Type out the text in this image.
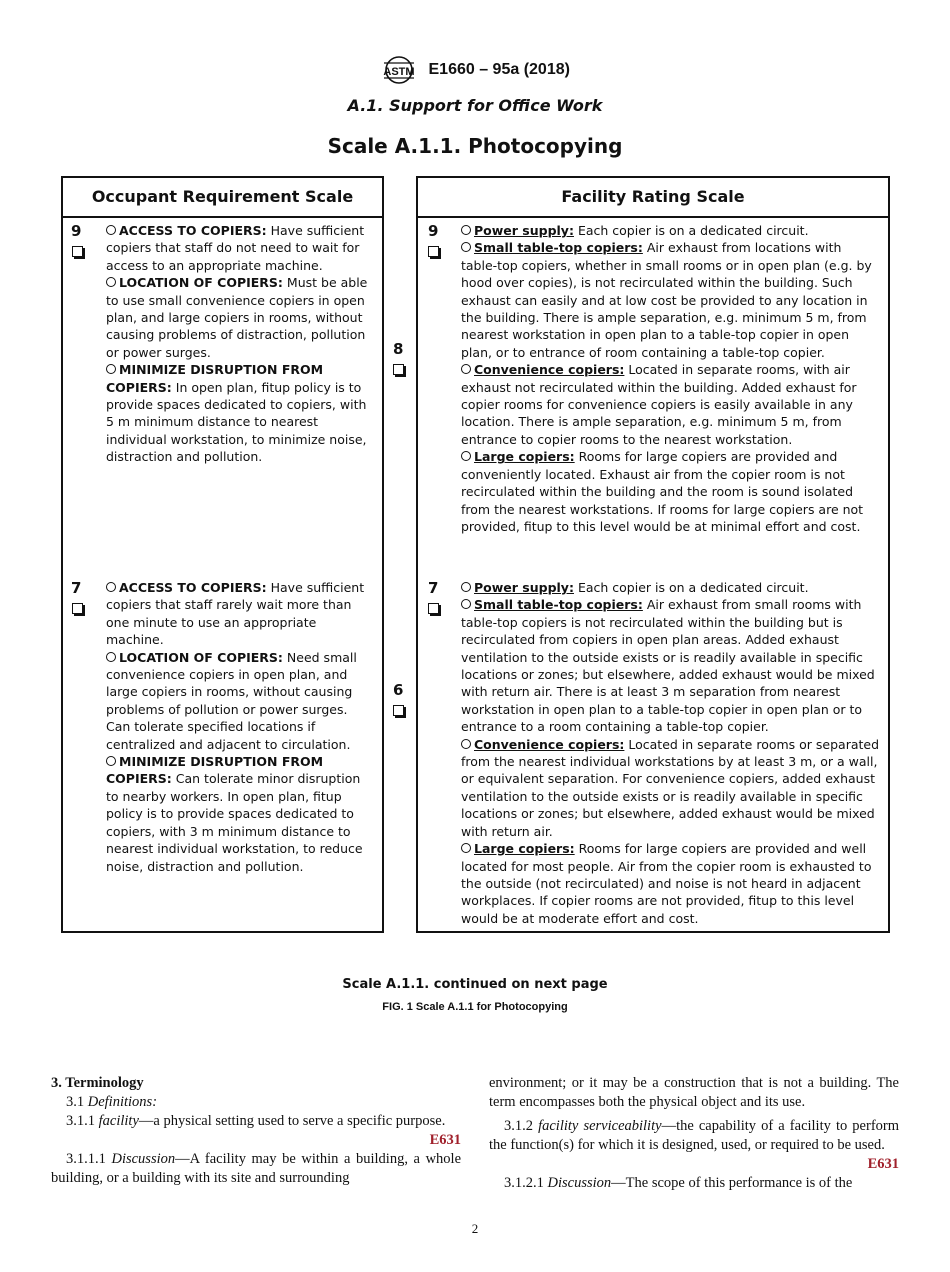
ASTM E1660 – 95a (2018)
A.1. Support for Office Work
Scale A.1.1. Photocopying
Occupant Requirement Scale
9	ACCESS TO COPIERS: Have sufficient copiers that staff do not need to wait for access to an appropriate machine.

LOCATION OF COPIERS: Must be able to use small convenience copiers in open plan, and large copiers in rooms, without causing problems of distraction, pollution or power surges.

MINIMIZE DISRUPTION FROM COPIERS: In open plan, fitup policy is to provide spaces dedicated to copiers, with 5 m minimum distance to nearest individual workstation, to minimize noise, distraction and pollution.

7	ACCESS TO COPIERS: Have sufficient copiers that staff rarely wait more than one minute to use an appropriate machine.

LOCATION OF COPIERS: Need small convenience copiers in open plan, and large copiers in rooms, without causing problems of pollution or power surges. Can tolerate specified locations if centralized and adjacent to circulation.

MINIMIZE DISRUPTION FROM COPIERS: Can tolerate minor disruption to nearby workers. In open plan, fitup policy is to provide spaces dedicated to copiers, with 3 m minimum distance to nearest individual workstation, to reduce noise, distraction and pollution.

8
6
Facility Rating Scale
9	Power supply: Each copier is on a dedicated circuit.

Small table-top copiers: Air exhaust from locations with table-top copiers, whether in small rooms or in open plan (e.g. by hood over copies), is not recirculated within the building. Such exhaust can easily and at low cost be provided to any location in the building. There is ample separation, e.g. minimum 5 m, from nearest workstation in open plan to a table-top copier in open plan, or to entrance of room containing a table-top copier.

Convenience copiers: Located in separate rooms, with air exhaust not recirculated within the building. Added exhaust for copier rooms for convenience copiers is easily available in any location. There is ample separation, e.g. minimum 5 m, from entrance to copier rooms to the nearest workstation.

Large copiers: Rooms for large copiers are provided and conveniently located. Exhaust air from the copier room is not recirculated within the building and the room is sound isolated from the nearest workstations. If rooms for large copiers are not provided, fitup to this level would be at minimal effort and cost.

7	Power supply: Each copier is on a dedicated circuit.

Small table-top copiers: Air exhaust from small rooms with table-top copiers is not recirculated within the building but is recirculated from copiers in open plan areas. Added exhaust ventilation to the outside exists or is readily available in specific locations or zones; but elsewhere, added exhaust would be mixed with return air. There is at least 3 m separation from nearest workstation in open plan to a table-top copier in open plan or to entrance to a room containing a table-top copier.

Convenience copiers: Located in separate rooms or separated from the nearest individual workstations by at least 3 m, or a wall, or equivalent separation. For convenience copiers, added exhaust ventilation to the outside exists or is readily available in specific locations or zones; but elsewhere, added exhaust would be mixed with return air.

Large copiers: Rooms for large copiers are provided and well located for most people. Air from the copier room is exhausted to the outside (not recirculated) and noise is not heard in adjacent workplaces. If copier rooms are not provided, fitup to this level would be at moderate effort and cost.

Scale A.1.1. continued on next page
FIG. 1 Scale A.1.1 for Photocopying

3. Terminology

3.1 Definitions:

3.1.1 facility—a physical setting used to serve a specific purpose.
E631

3.1.1.1 Discussion—A facility may be within a building, a whole building, or a building with its site and surrounding

environment; or it may be a construction that is not a building. The term encompasses both the physical object and its use.

3.1.2 facility serviceability—the capability of a facility to perform the function(s) for which it is designed, used, or required to be used.
E631

3.1.2.1 Discussion—The scope of this performance is of the

2
